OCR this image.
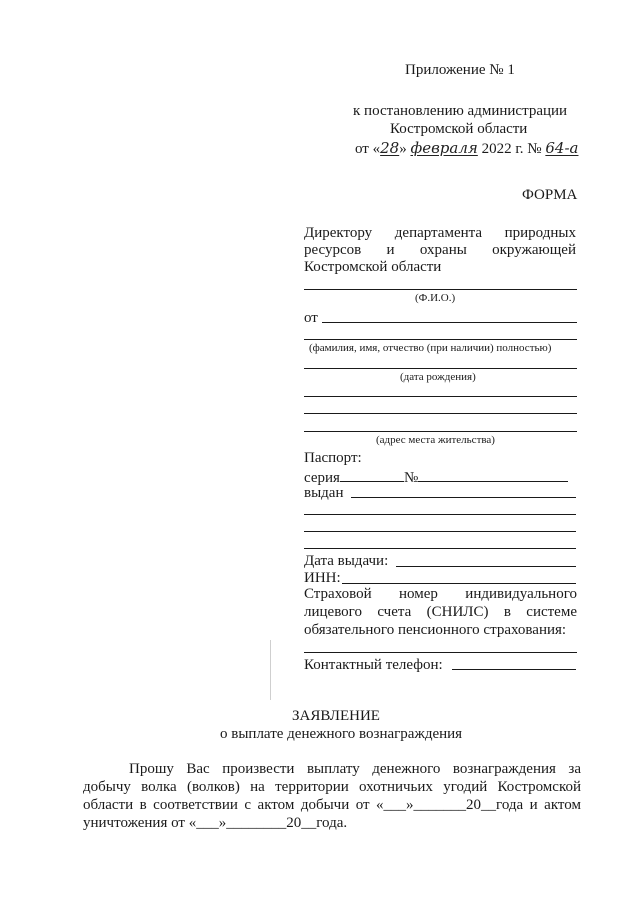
Приложение № 1
к постановлению администрации
Костромской области
от «28» февраля 2022 г. № 64-а
ФОРМА
Директору департамента природных
ресурсов и охраны окружающей
Костромской области
(Ф.И.О.)
от
(фамилия, имя, отчество (при наличии) полностью)
(дата рождения)
(адрес места жительства)
Паспорт:
серия	№
выдан
Дата выдачи:
ИНН:
Страховой номер индивидуального
лицевого счета (СНИЛС) в системе
обязательного пенсионного страхования:
Контактный телефон:
ЗАЯВЛЕНИЕ
о выплате денежного вознаграждения
Прошу Вас произвести выплату денежного вознаграждения за
добычу волка (волков) на территории охотничьих угодий Костромской
области в соответствии с актом добычи от «___»_______20__года и актом
уничтожения от «___»________20__года.
